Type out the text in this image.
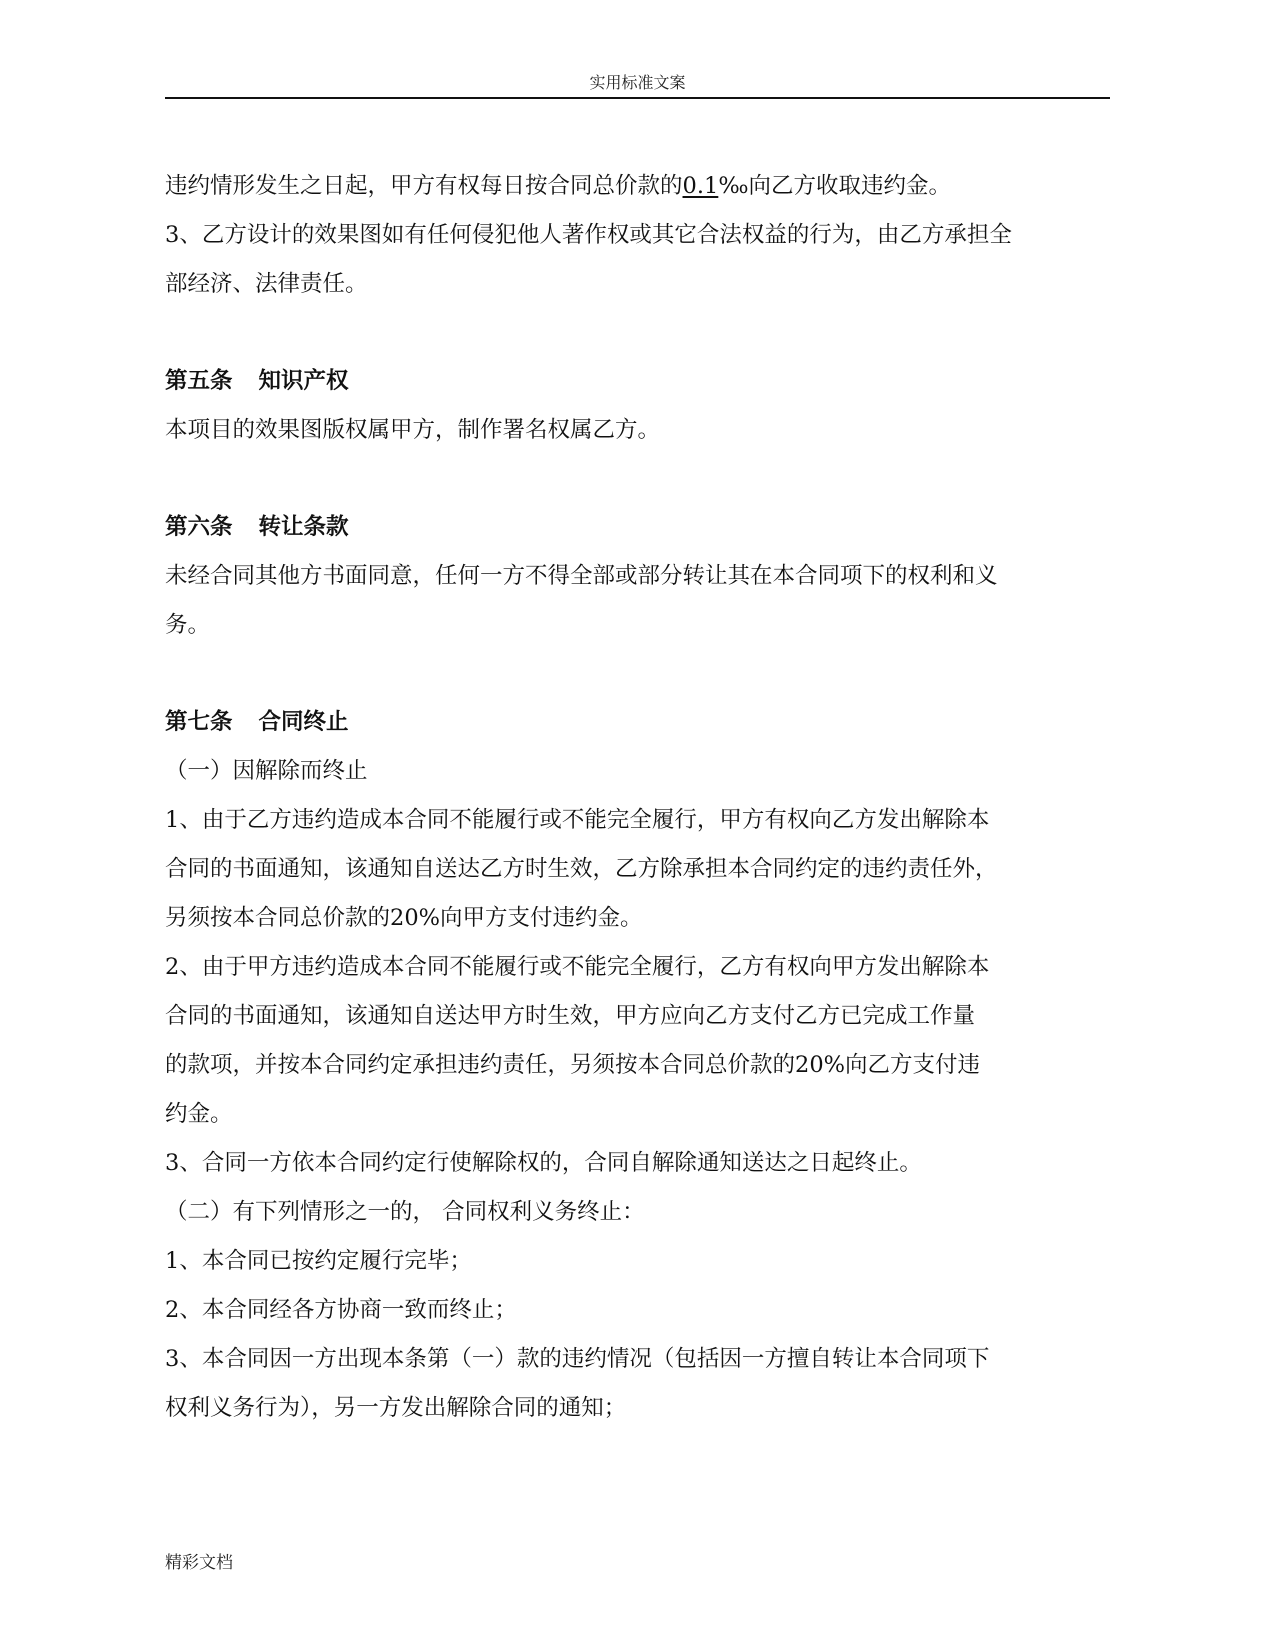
实用标准文案
违约情形发生之日起，甲方有权每日按合同总价款的0.1‰向乙方收取违约金。
3、乙方设计的效果图如有任何侵犯他人著作权或其它合法权益的行为，由乙方承担全
部经济、法律责任。
第五条 知识产权
本项目的效果图版权属甲方，制作署名权属乙方。
第六条 转让条款
未经合同其他方书面同意，任何一方不得全部或部分转让其在本合同项下的权利和义
务。
第七条 合同终止
（一）因解除而终止
1、由于乙方违约造成本合同不能履行或不能完全履行，甲方有权向乙方发出解除本
合同的书面通知，该通知自送达乙方时生效，乙方除承担本合同约定的违约责任外，
另须按本合同总价款的20%向甲方支付违约金。
2、由于甲方违约造成本合同不能履行或不能完全履行，乙方有权向甲方发出解除本
合同的书面通知，该通知自送达甲方时生效，甲方应向乙方支付乙方已完成工作量
的款项，并按本合同约定承担违约责任，另须按本合同总价款的20%向乙方支付违
约金。
3、合同一方依本合同约定行使解除权的，合同自解除通知送达之日起终止。
（二）有下列情形之一的， 合同权利义务终止：
1、本合同已按约定履行完毕；
2、本合同经各方协商一致而终止；
3、本合同因一方出现本条第（一）款的违约情况（包括因一方擅自转让本合同项下
权利义务行为），另一方发出解除合同的通知；
精彩文档
